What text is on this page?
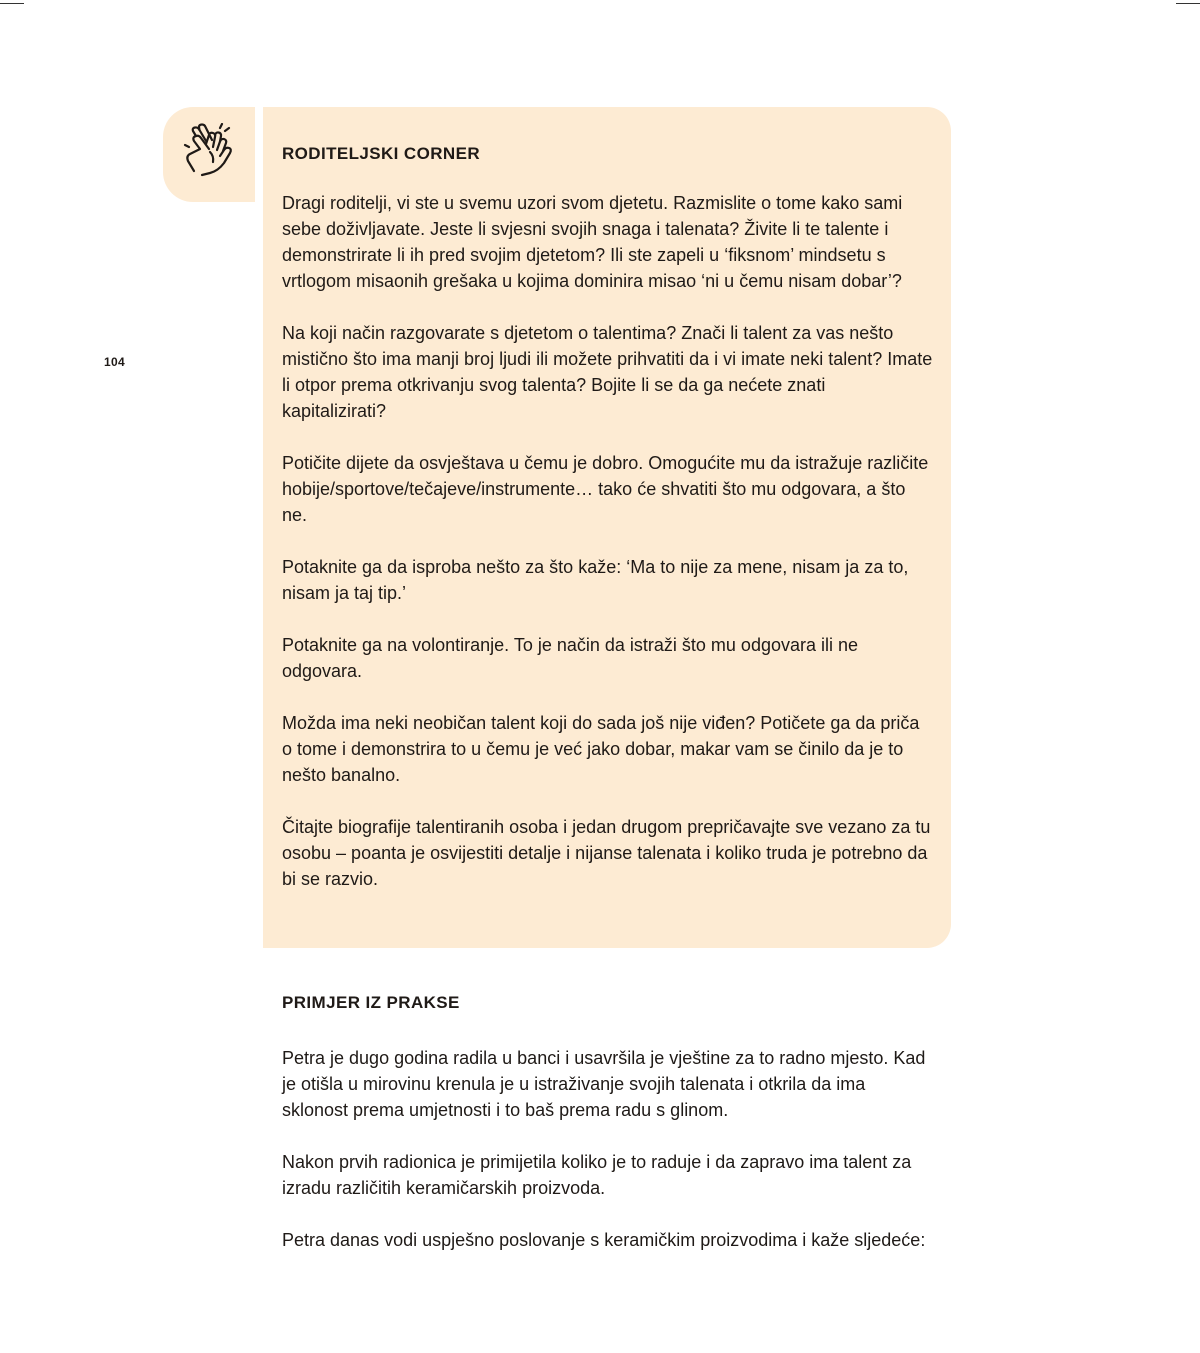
104
RODITELJSKI CORNER

Dragi roditelji, vi ste u svemu uzori svom djetetu. Razmislite o tome kako sami sebe doživljavate. Jeste li svjesni svojih snaga i talenata? Živite li te talente i demonstrirate li ih pred svojim djetetom? Ili ste zapeli u ‘fiksnom’ mindsetu s vrtlogom misaonih grešaka u kojima dominira misao ‘ni u čemu nisam dobar’?

Na koji način razgovarate s djetetom o talentima? Znači li talent za vas nešto mistično što ima manji broj ljudi ili možete prihvatiti da i vi imate neki talent? Imate li otpor prema otkrivanju svog talenta? Bojite li se da ga nećete znati kapitalizirati?

Potičite dijete da osvještava u čemu je dobro. Omogućite mu da istražuje različite hobije/sportove/tečajeve/instrumente… tako će shvatiti što mu odgovara, a što ne.

Potaknite ga da isproba nešto za što kaže: ‘Ma to nije za mene, nisam ja za to, nisam ja taj tip.’

Potaknite ga na volontiranje. To je način da istraži što mu odgovara ili ne odgovara.

Možda ima neki neobičan talent koji do sada još nije viđen? Potičete ga da priča o tome i demonstrira to u čemu je već jako dobar, makar vam se činilo da je to nešto banalno.

Čitajte biografije talentiranih osoba i jedan drugom prepričavajte sve vezano za tu osobu – poanta je osvijestiti detalje i nijanse talenata i koliko truda je potrebno da bi se razvio.

PRIMJER IZ PRAKSE

Petra je dugo godina radila u banci i usavršila je vještine za to radno mjesto. Kad je otišla u mirovinu krenula je u istraživanje svojih talenata i otkrila da ima sklonost prema umjetnosti i to baš prema radu s glinom.

Nakon prvih radionica je primijetila koliko je to raduje i da zapravo ima talent za izradu različitih keramičarskih proizvoda.

Petra danas vodi uspješno poslovanje s keramičkim proizvodima i kaže sljedeće:
